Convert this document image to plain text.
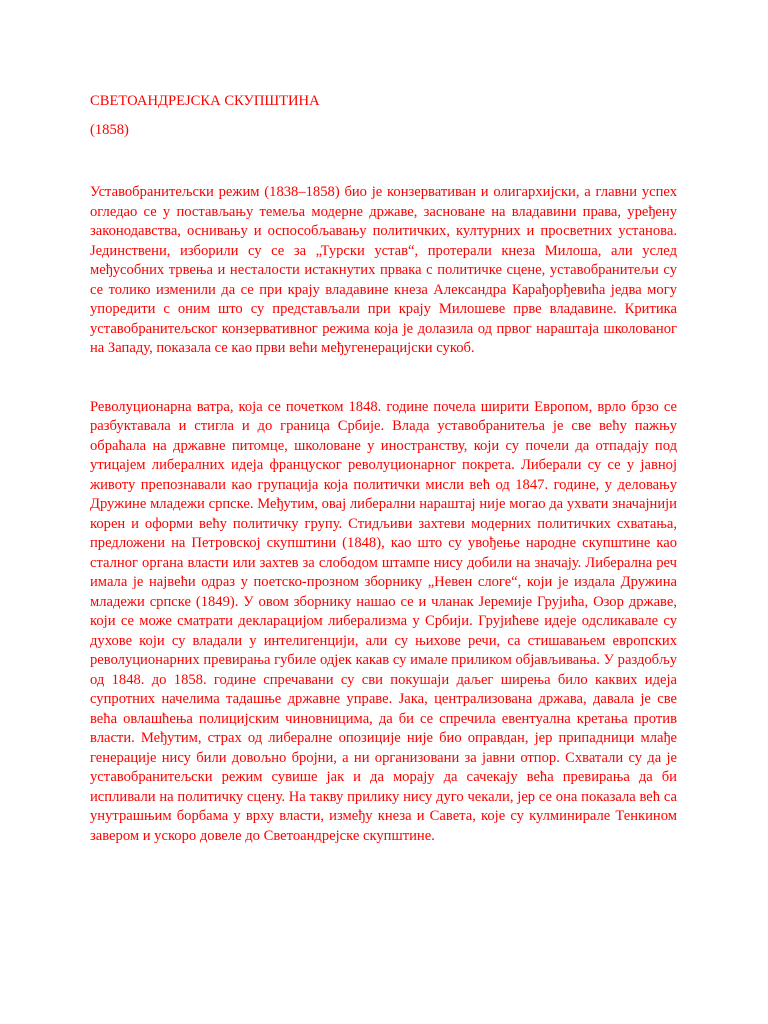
СВЕТОАНДРЕЈСКА СКУПШТИНА

(1858)

Уставобранитељски режим (1838–1858) био је конзервативан и олигархијски, а главни успех огледао се у постављању темеља модерне државе, засноване на владавини права, уређену законодавства, оснивању и оспособљавању политичких, културних и просветних установа. Јединствени, изборили су се за „Турски устав“, протерали кнеза Милоша, али услед међусобних трвења и несталости истакнутих првака с политичке сцене, уставобранитељи су се толико изменили да се при крају владавине кнеза Александра Карађорђевића једва могу упоредити с оним што су представљали при крају Милошеве прве владавине. Критика уставобранитељског конзервативног режима која је долазила од првог нараштаја школованог на Западу, показала се као први већи међугенерацијски сукоб.

Револуционарна ватра, која се почетком 1848. године почела ширити Европом, врло брзо се разбуктавала и стигла и до граница Србије. Влада уставобранитеља је све већу пажњу обраћала на државне питомце, школоване у иностранству, који су почели да отпадају под утицајем либералних идеја француског револуционарног покрета. Либерали су се у јавној животу препознавали као групација која политички мисли већ од 1847. године, у деловању Дружине младежи српске. Међутим, овај либерални нараштај није могао да ухвати значајнији корен и оформи већу политичку групу. Стидљиви захтеви модерних политичких схватања, предложени на Петровској скупштини (1848), као што су увођење народне скупштине као сталног органа власти или захтев за слободом штампе нису добили на значају. Либерална реч имала је највећи одраз у поетско-прозном зборнику „Невен слоге“, који је издала Дружина младежи српске (1849). У овом зборнику нашао се и чланак Јеремије Грујића, Озор државе, који се може сматрати декларацијом либерализма у Србији. Грујићеве идеје одсликавале су духове који су владали у интелигенцији, али су њихове речи, са стишавањем европских револуционарних превирања губиле одјек какав су имале приликом објављивања. У раздобљу од 1848. до 1858. године спречавани су сви покушаји даљег ширења било каквих идеја супротних начелима тадашње државне управе. Јака, централизована држава, давала је све већа овлашћења полицијским чиновницима, да би се спречила евентуална кретања против власти. Међутим, страх од либералне опозиције није био оправдан, јер припадници млађе генерације нису били довољно бројни, а ни организовани за јавни отпор. Схватали су да је уставобранитељски режим сувише јак и да морају да сачекају већа превирања да би испливали на политичку сцену. На такву прилику нису дуго чекали, јер се она показала већ са унутрашњим борбама у врху власти, између кнеза и Савета, које су кулминирале Тенкином завером и ускоро довеле до Светоандрејске скупштине.
